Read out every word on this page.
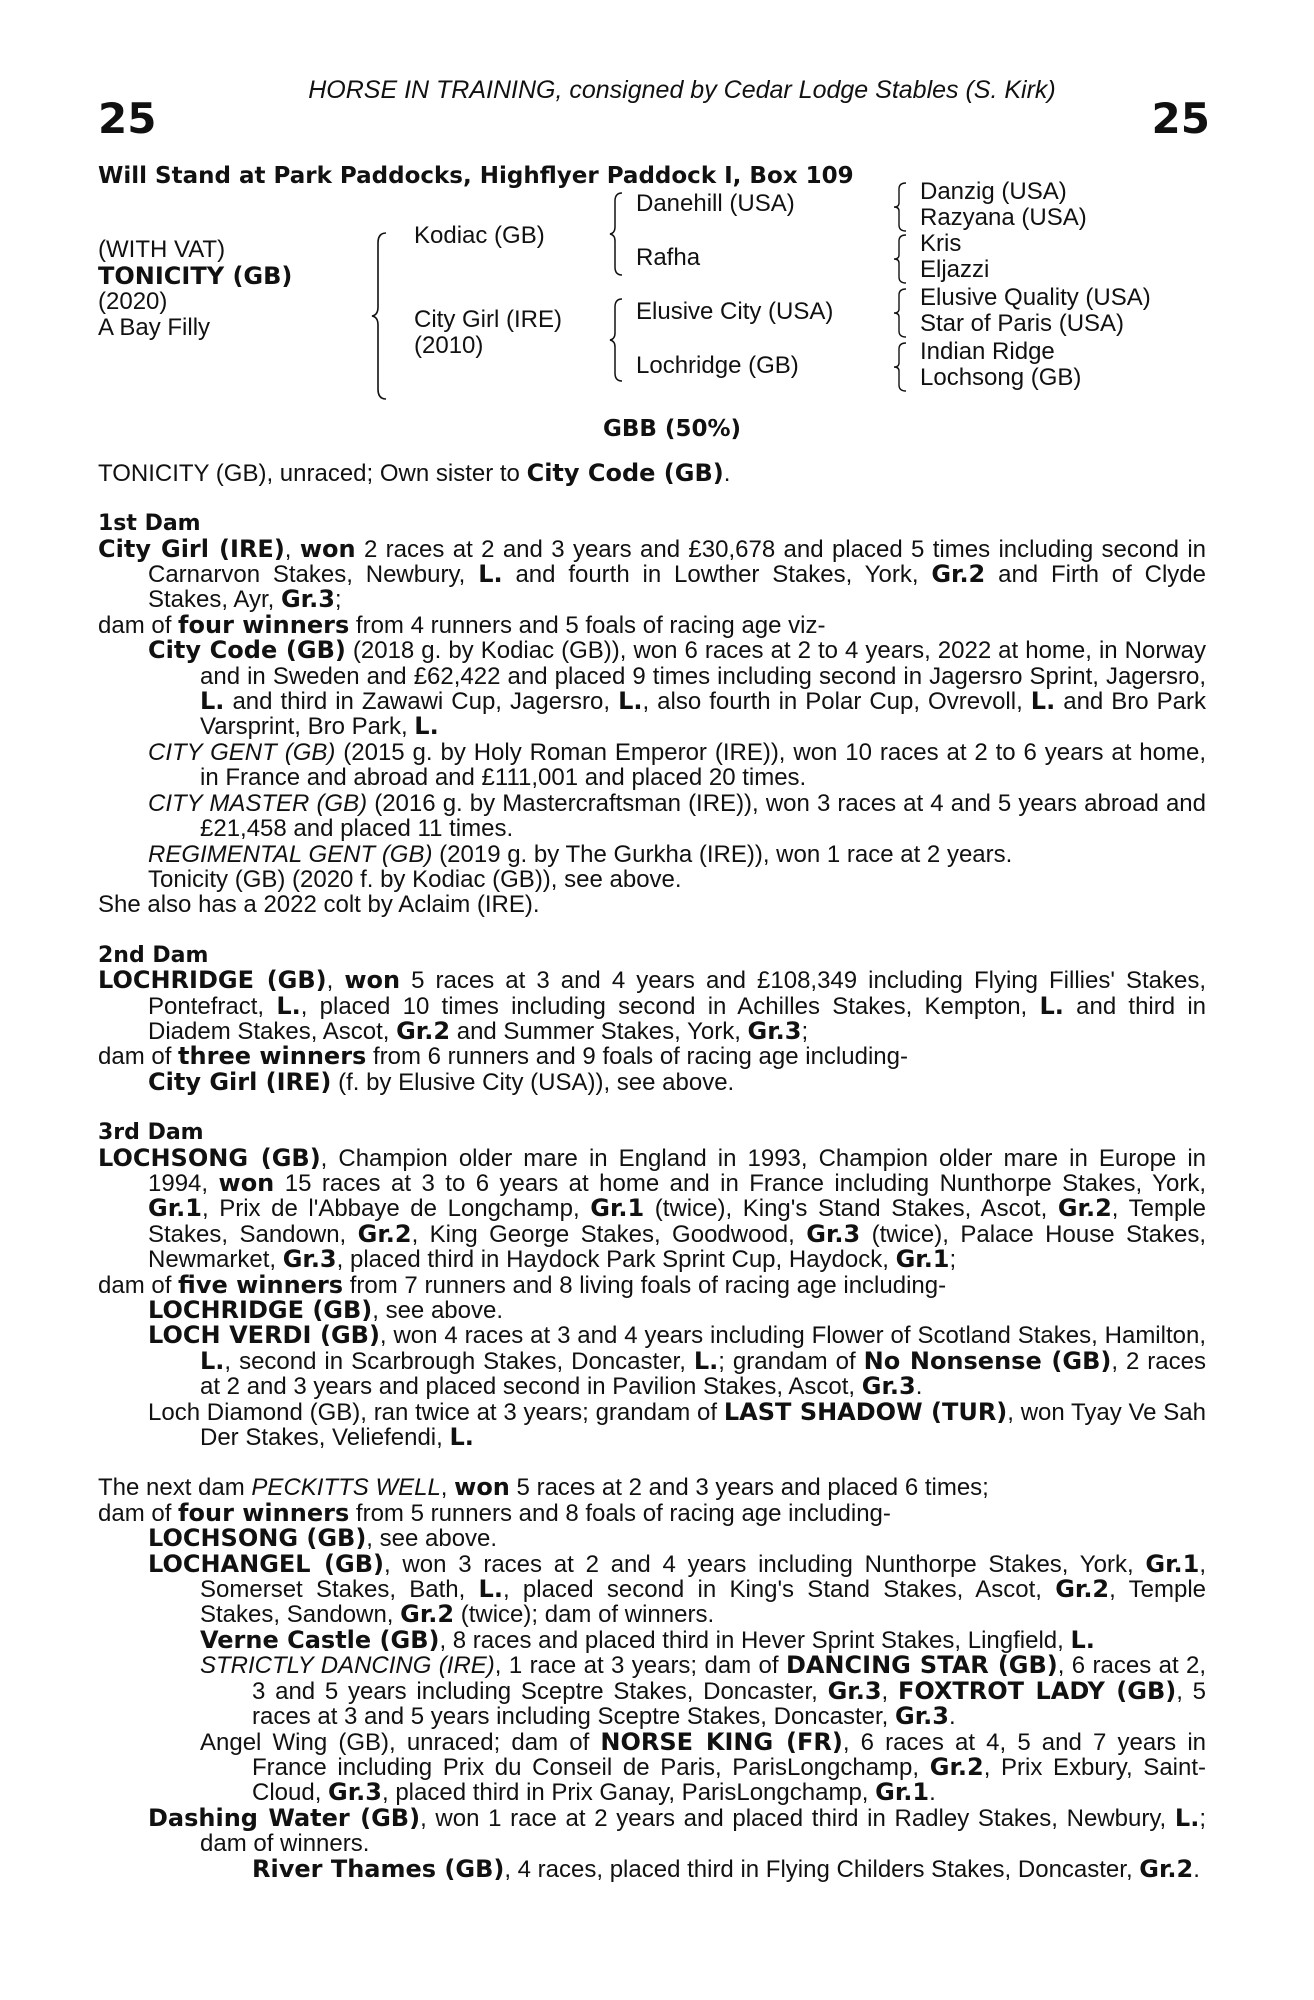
HORSE IN TRAINING, consigned by Cedar Lodge Stables (S. Kirk)
25	25
Will Stand at Park Paddocks, Highflyer Paddock I, Box 109
(WITH VAT)
TONICITY (GB)
(2020)
A Bay Filly
Kodiac (GB)
City Girl (IRE)
(2010)
Danehill (USA)
Rafha
Elusive City (USA)
Lochridge (GB)
Danzig (USA)
Razyana (USA)
Kris
Eljazzi
Elusive Quality (USA)
Star of Paris (USA)
Indian Ridge
Lochsong (GB)
GBB (50%)
TONICITY (GB), unraced; Own sister to City Code (GB).
1st Dam
City Girl (IRE), won 2 races at 2 and 3 years and £30,678 and placed 5 times including second in Carnarvon Stakes, Newbury, L. and fourth in Lowther Stakes, York, Gr.2 and Firth of Clyde Stakes, Ayr, Gr.3;
dam of four winners from 4 runners and 5 foals of racing age viz-
City Code (GB) (2018 g. by Kodiac (GB)), won 6 races at 2 to 4 years, 2022 at home, in Norway and in Sweden and £62,422 and placed 9 times including second in Jagersro Sprint, Jagersro, L. and third in Zawawi Cup, Jagersro, L., also fourth in Polar Cup, Ovrevoll, L. and Bro Park Varsprint, Bro Park, L.
CITY GENT (GB) (2015 g. by Holy Roman Emperor (IRE)), won 10 races at 2 to 6 years at home, in France and abroad and £111,001 and placed 20 times.
CITY MASTER (GB) (2016 g. by Mastercraftsman (IRE)), won 3 races at 4 and 5 years abroad and £21,458 and placed 11 times.
REGIMENTAL GENT (GB) (2019 g. by The Gurkha (IRE)), won 1 race at 2 years.
Tonicity (GB) (2020 f. by Kodiac (GB)), see above.
She also has a 2022 colt by Aclaim (IRE).
2nd Dam
LOCHRIDGE (GB), won 5 races at 3 and 4 years and £108,349 including Flying Fillies' Stakes, Pontefract, L., placed 10 times including second in Achilles Stakes, Kempton, L. and third in Diadem Stakes, Ascot, Gr.2 and Summer Stakes, York, Gr.3;
dam of three winners from 6 runners and 9 foals of racing age including-
City Girl (IRE) (f. by Elusive City (USA)), see above.
3rd Dam
LOCHSONG (GB), Champion older mare in England in 1993, Champion older mare in Europe in 1994, won 15 races at 3 to 6 years at home and in France including Nunthorpe Stakes, York, Gr.1, Prix de l'Abbaye de Longchamp, Gr.1 (twice), King's Stand Stakes, Ascot, Gr.2, Temple Stakes, Sandown, Gr.2, King George Stakes, Goodwood, Gr.3 (twice), Palace House Stakes, Newmarket, Gr.3, placed third in Haydock Park Sprint Cup, Haydock, Gr.1;
dam of five winners from 7 runners and 8 living foals of racing age including-
LOCHRIDGE (GB), see above.
LOCH VERDI (GB), won 4 races at 3 and 4 years including Flower of Scotland Stakes, Hamilton, L., second in Scarbrough Stakes, Doncaster, L.; grandam of No Nonsense (GB), 2 races at 2 and 3 years and placed second in Pavilion Stakes, Ascot, Gr.3.
Loch Diamond (GB), ran twice at 3 years; grandam of LAST SHADOW (TUR), won Tyay Ve Sah Der Stakes, Veliefendi, L.
The next dam PECKITTS WELL, won 5 races at 2 and 3 years and placed 6 times;
dam of four winners from 5 runners and 8 foals of racing age including-
LOCHSONG (GB), see above.
LOCHANGEL (GB), won 3 races at 2 and 4 years including Nunthorpe Stakes, York, Gr.1, Somerset Stakes, Bath, L., placed second in King's Stand Stakes, Ascot, Gr.2, Temple Stakes, Sandown, Gr.2 (twice); dam of winners.
Verne Castle (GB), 8 races and placed third in Hever Sprint Stakes, Lingfield, L.
STRICTLY DANCING (IRE), 1 race at 3 years; dam of DANCING STAR (GB), 6 races at 2, 3 and 5 years including Sceptre Stakes, Doncaster, Gr.3, FOXTROT LADY (GB), 5 races at 3 and 5 years including Sceptre Stakes, Doncaster, Gr.3.
Angel Wing (GB), unraced; dam of NORSE KING (FR), 6 races at 4, 5 and 7 years in France including Prix du Conseil de Paris, ParisLongchamp, Gr.2, Prix Exbury, Saint-Cloud, Gr.3, placed third in Prix Ganay, ParisLongchamp, Gr.1.
Dashing Water (GB), won 1 race at 2 years and placed third in Radley Stakes, Newbury, L.; dam of winners.
River Thames (GB), 4 races, placed third in Flying Childers Stakes, Doncaster, Gr.2.
